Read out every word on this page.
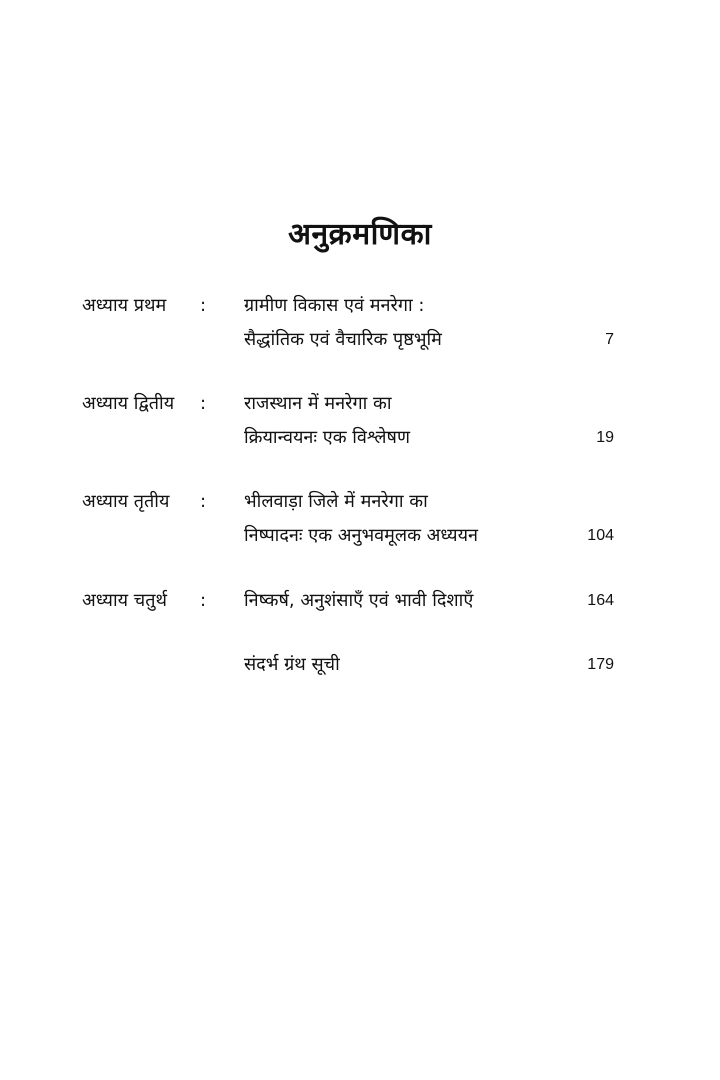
अनुक्रमणिका
अध्याय प्रथम : ग्रामीण विकास एवं मनरेगा :
सैद्धांतिक एवं वैचारिक पृष्ठभूमि	7
अध्याय द्वितीय : राजस्थान में मनरेगा का
क्रियान्वयनः एक विश्लेषण	19
अध्याय तृतीय : भीलवाड़ा जिले में मनरेगा का
निष्पादनः एक अनुभवमूलक अध्ययन	104
अध्याय चतुर्थ : निष्कर्ष, अनुशंसाएँ एवं भावी दिशाएँ	164
संदर्भ ग्रंथ सूची	179
